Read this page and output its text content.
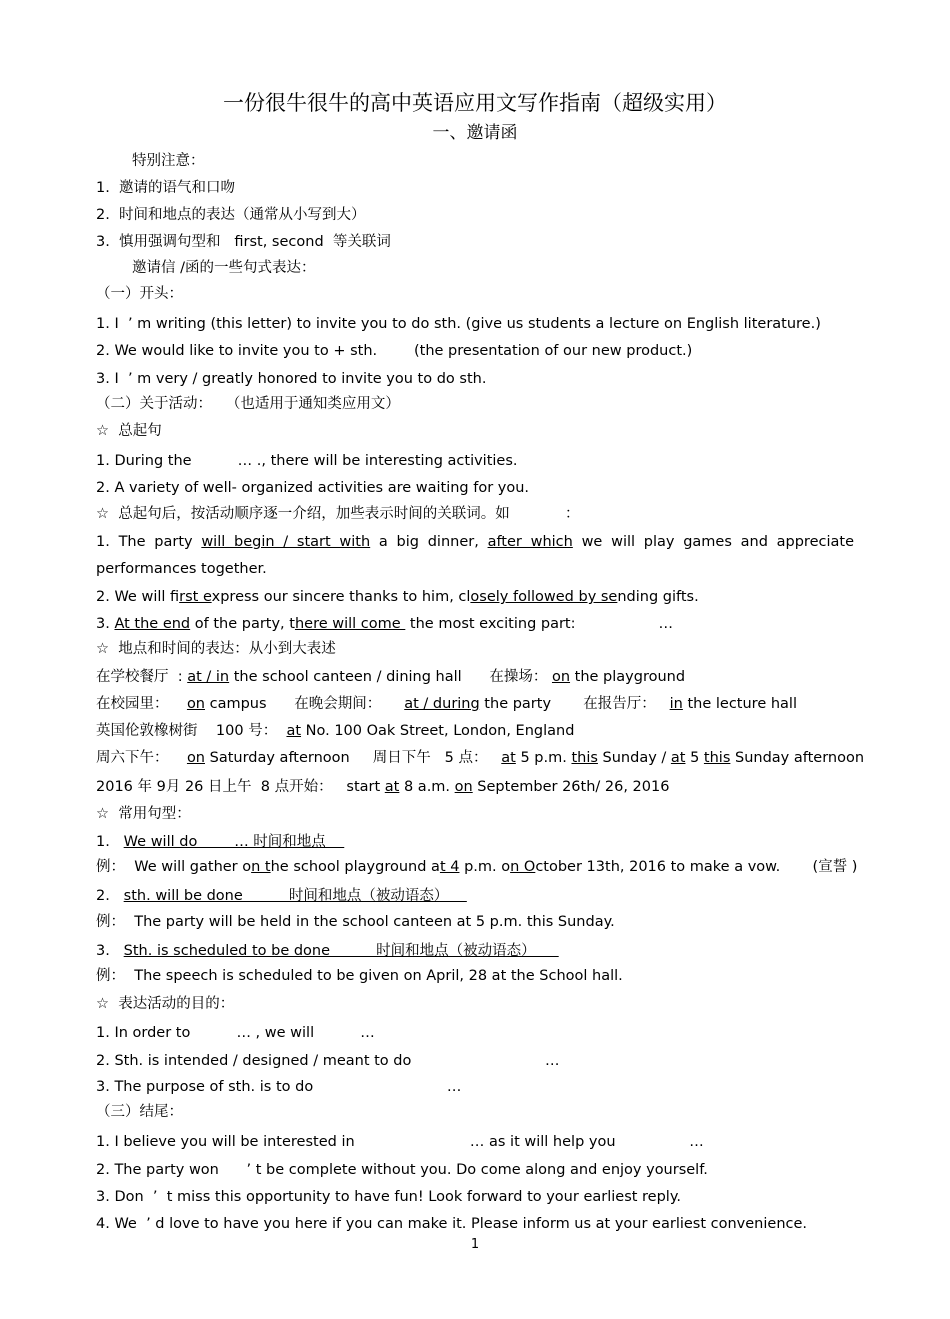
一份很牛很牛的高中英语应用文写作指南（超级实用）
一、邀请函
特别注意：
1.  邀请的语气和口吻
2.  时间和地点的表达（通常从小写到大）
3.  慎用强调句型和   first, second  等关联词
邀请信 /函的一些句式表达：
（一）开头：
1. I  ’ m writing (this letter) to invite you to do sth. (give us students a lecture on English literature.)
2. We would like to invite you to + sth.        (the presentation of our new product.)
3. I  ’ m very / greatly honored to invite you to do sth.
（二）关于活动：   （也适用于通知类应用文）
☆  总起句
1. During the          … ., there will be interesting activities.
2. A variety of well- organized activities are waiting for you.
☆  总起句后，按活动顺序逐一介绍，加些表示时间的关联词。如            ：
1. The party will begin / start with a big dinner, after which we will play games and appreciate
performances together.
2. We will first express our sincere thanks to him, closely followed by sending gifts.
3. At the end of the party, there will come  the most exciting part:                  …
☆  地点和时间的表达：从小到大表述
在学校餐厅  : at / in the school canteen / dining hall      在操场： on the playground
在校园里：    on campus      在晚会期间：     at / during the party       在报告厅：   in the lecture hall
英国伦敦橡树街    100 号：  at No. 100 Oak Street, London, England
周六下午：    on Saturday afternoon     周日下午   5 点：   at 5 p.m. this Sunday / at 5 this Sunday afternoon
2016 年 9月 26 日上午  8 点开始：   start at 8 a.m. on September 26th/ 26, 2016
☆  常用句型：
1.   We will do        … 时间和地点
例：  We will gather on the school playground at 4 p.m. on October 13th, 2016 to make a vow.       (宣誓 )
2.   sth. will be done          时间和地点（被动语态）
例：  The party will be held in the school canteen at 5 p.m. this Sunday.
3.   Sth. is scheduled to be done          时间和地点（被动语态）
例：  The speech is scheduled to be given on April, 28 at the School hall.
☆  表达活动的目的：
1. In order to          … , we will          …
2. Sth. is intended / designed / meant to do                             …
3. The purpose of sth. is to do                             …
（三）结尾：
1. I believe you will be interested in                         … as it will help you                …
2. The party won      ’ t be complete without you. Do come along and enjoy yourself.
3. Don  ’  t miss this opportunity to have fun! Look forward to your earliest reply.
4. We  ’ d love to have you here if you can make it. Please inform us at your earliest convenience.
1
